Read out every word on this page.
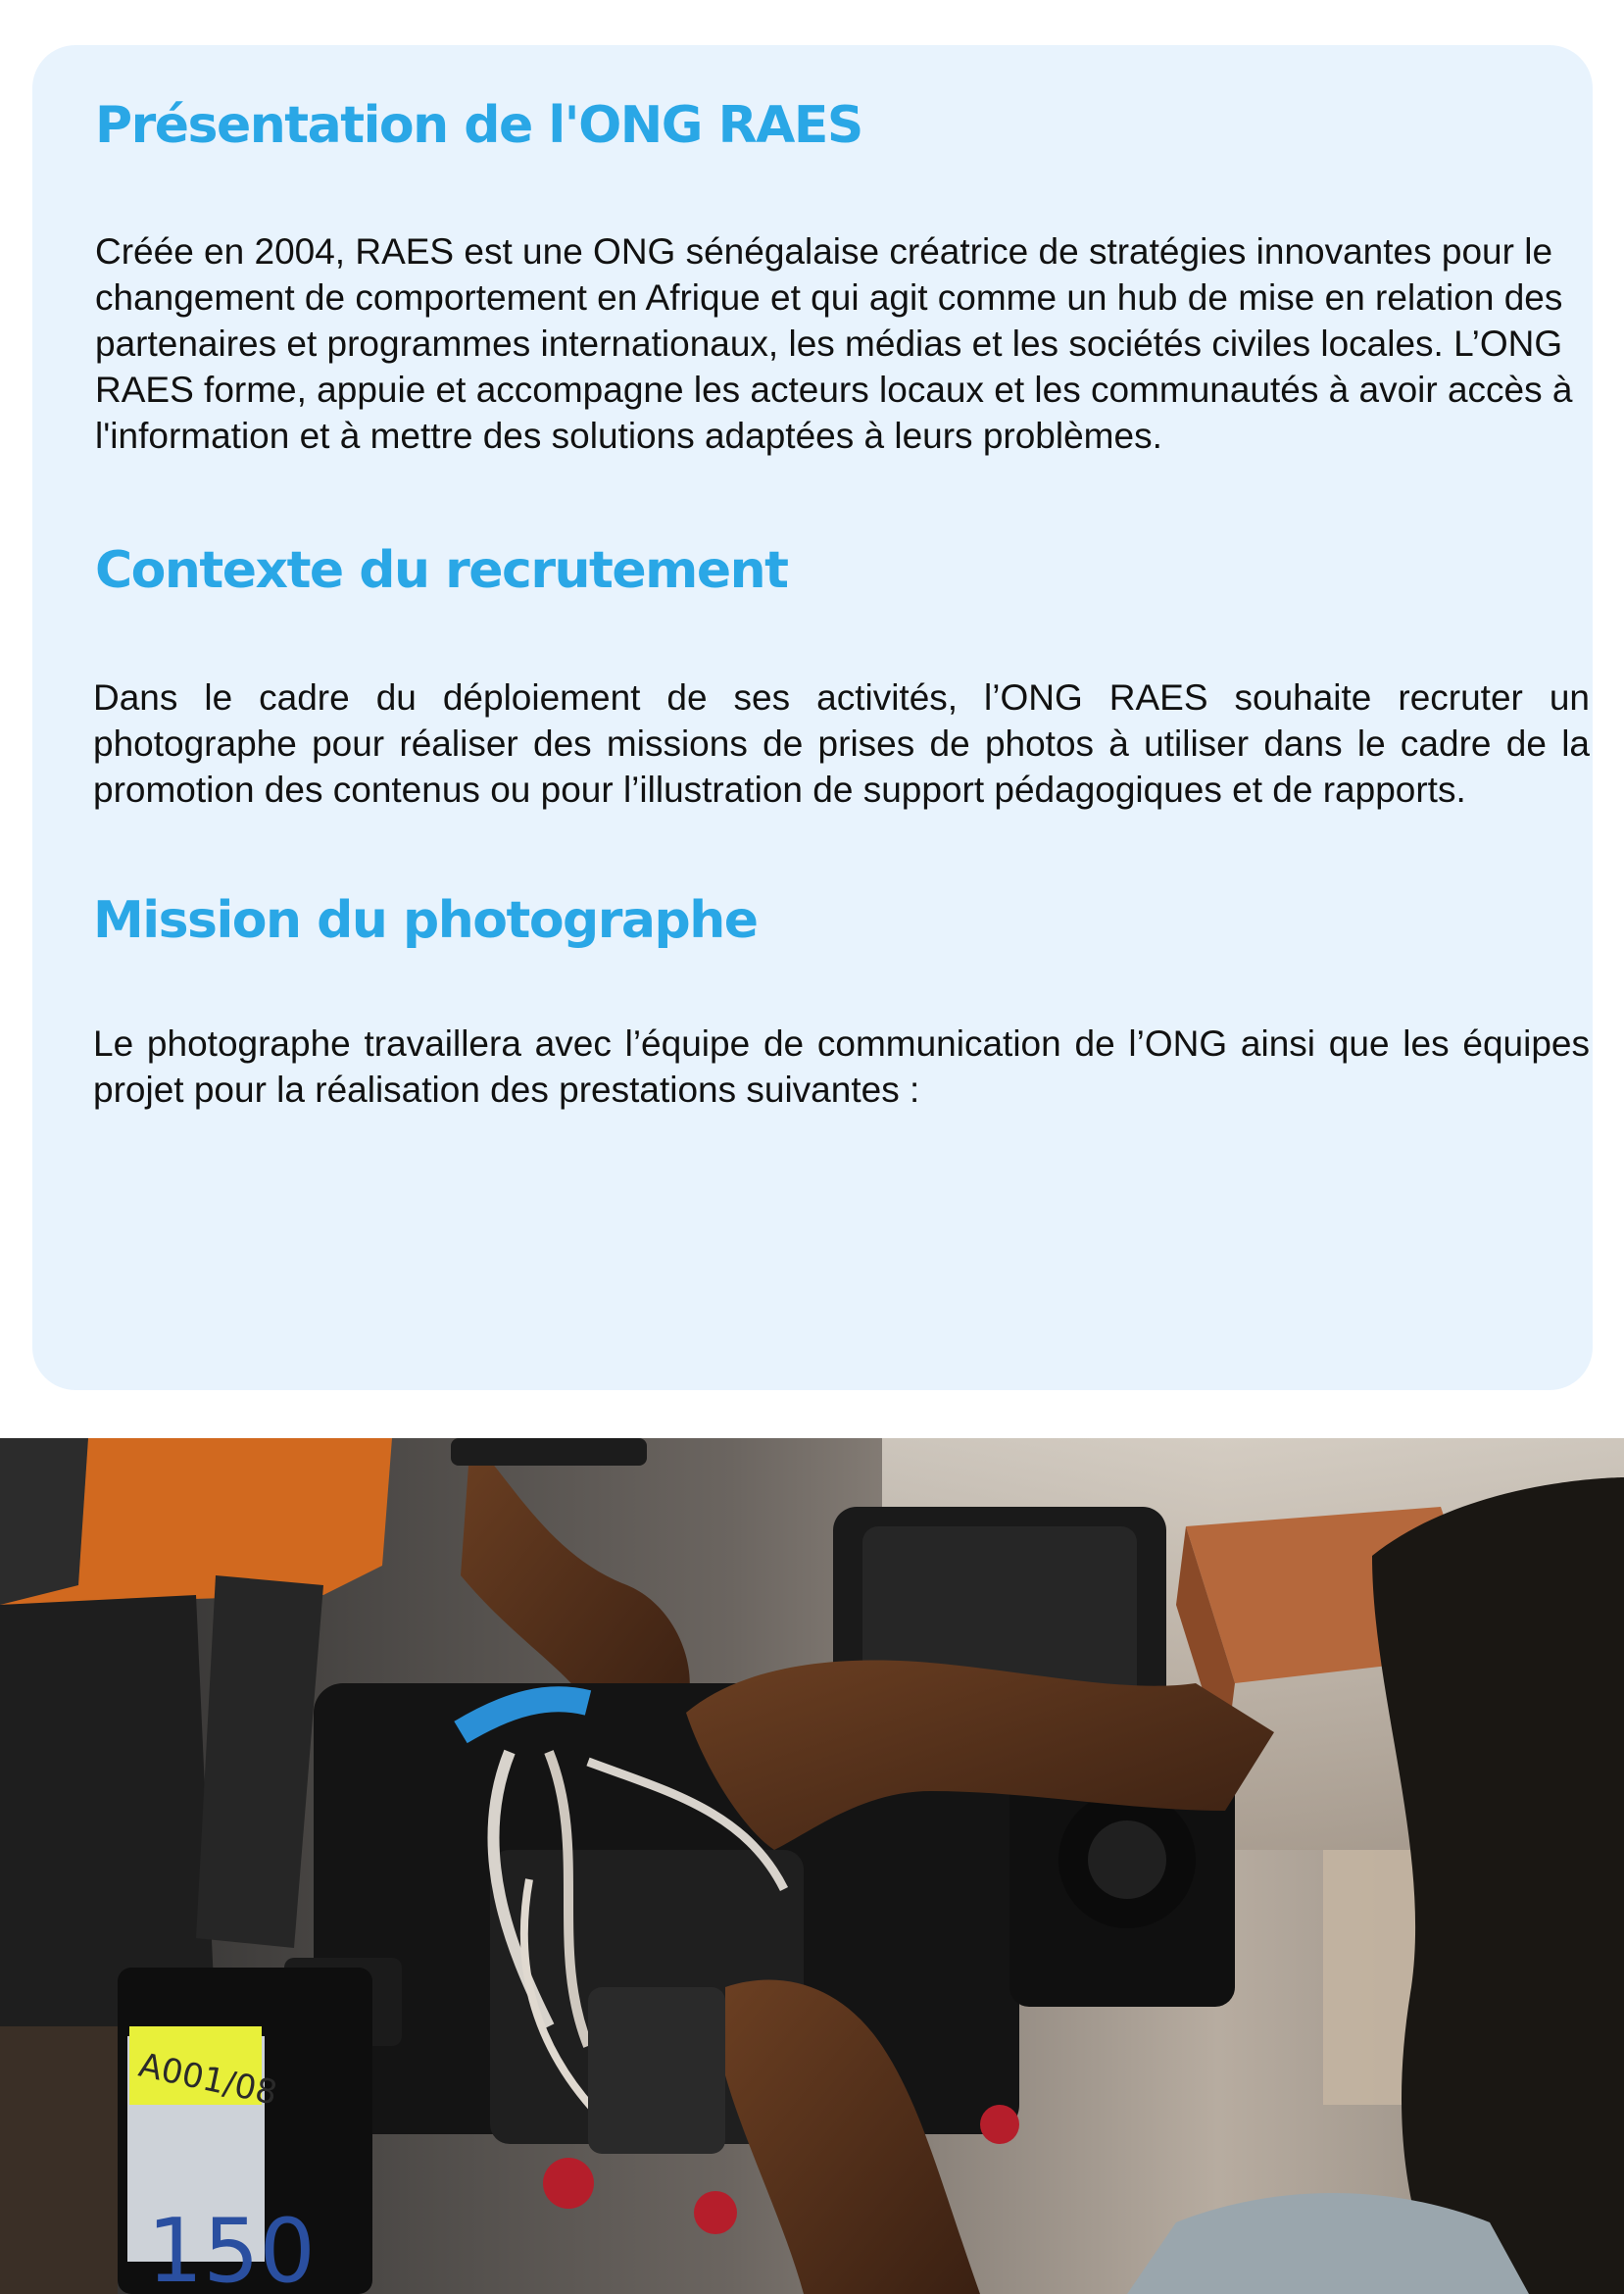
Présentation de l'ONG RAES

Créée en 2004, RAES est une ONG sénégalaise créatrice de stratégies innovantes pour le changement de comportement en Afrique et qui agit comme un hub de mise en relation des partenaires et programmes internationaux, les médias et les sociétés civiles locales. L’ONG RAES forme, appuie et accompagne les acteurs locaux et les communautés à avoir accès à l'information et à mettre des solutions adaptées à leurs problèmes.

Contexte du recrutement

Dans le cadre du déploiement de ses activités, l’ONG RAES souhaite recruter un photographe pour réaliser des missions de prises de photos à utiliser dans le cadre de la promotion des contenus ou pour l’illustration de support pédagogiques et de rapports.

Mission du photographe

Le photographe travaillera avec l’équipe de communication de l’ONG ainsi que les équipes projet pour la réalisation des prestations suivantes :

A001/08
150
